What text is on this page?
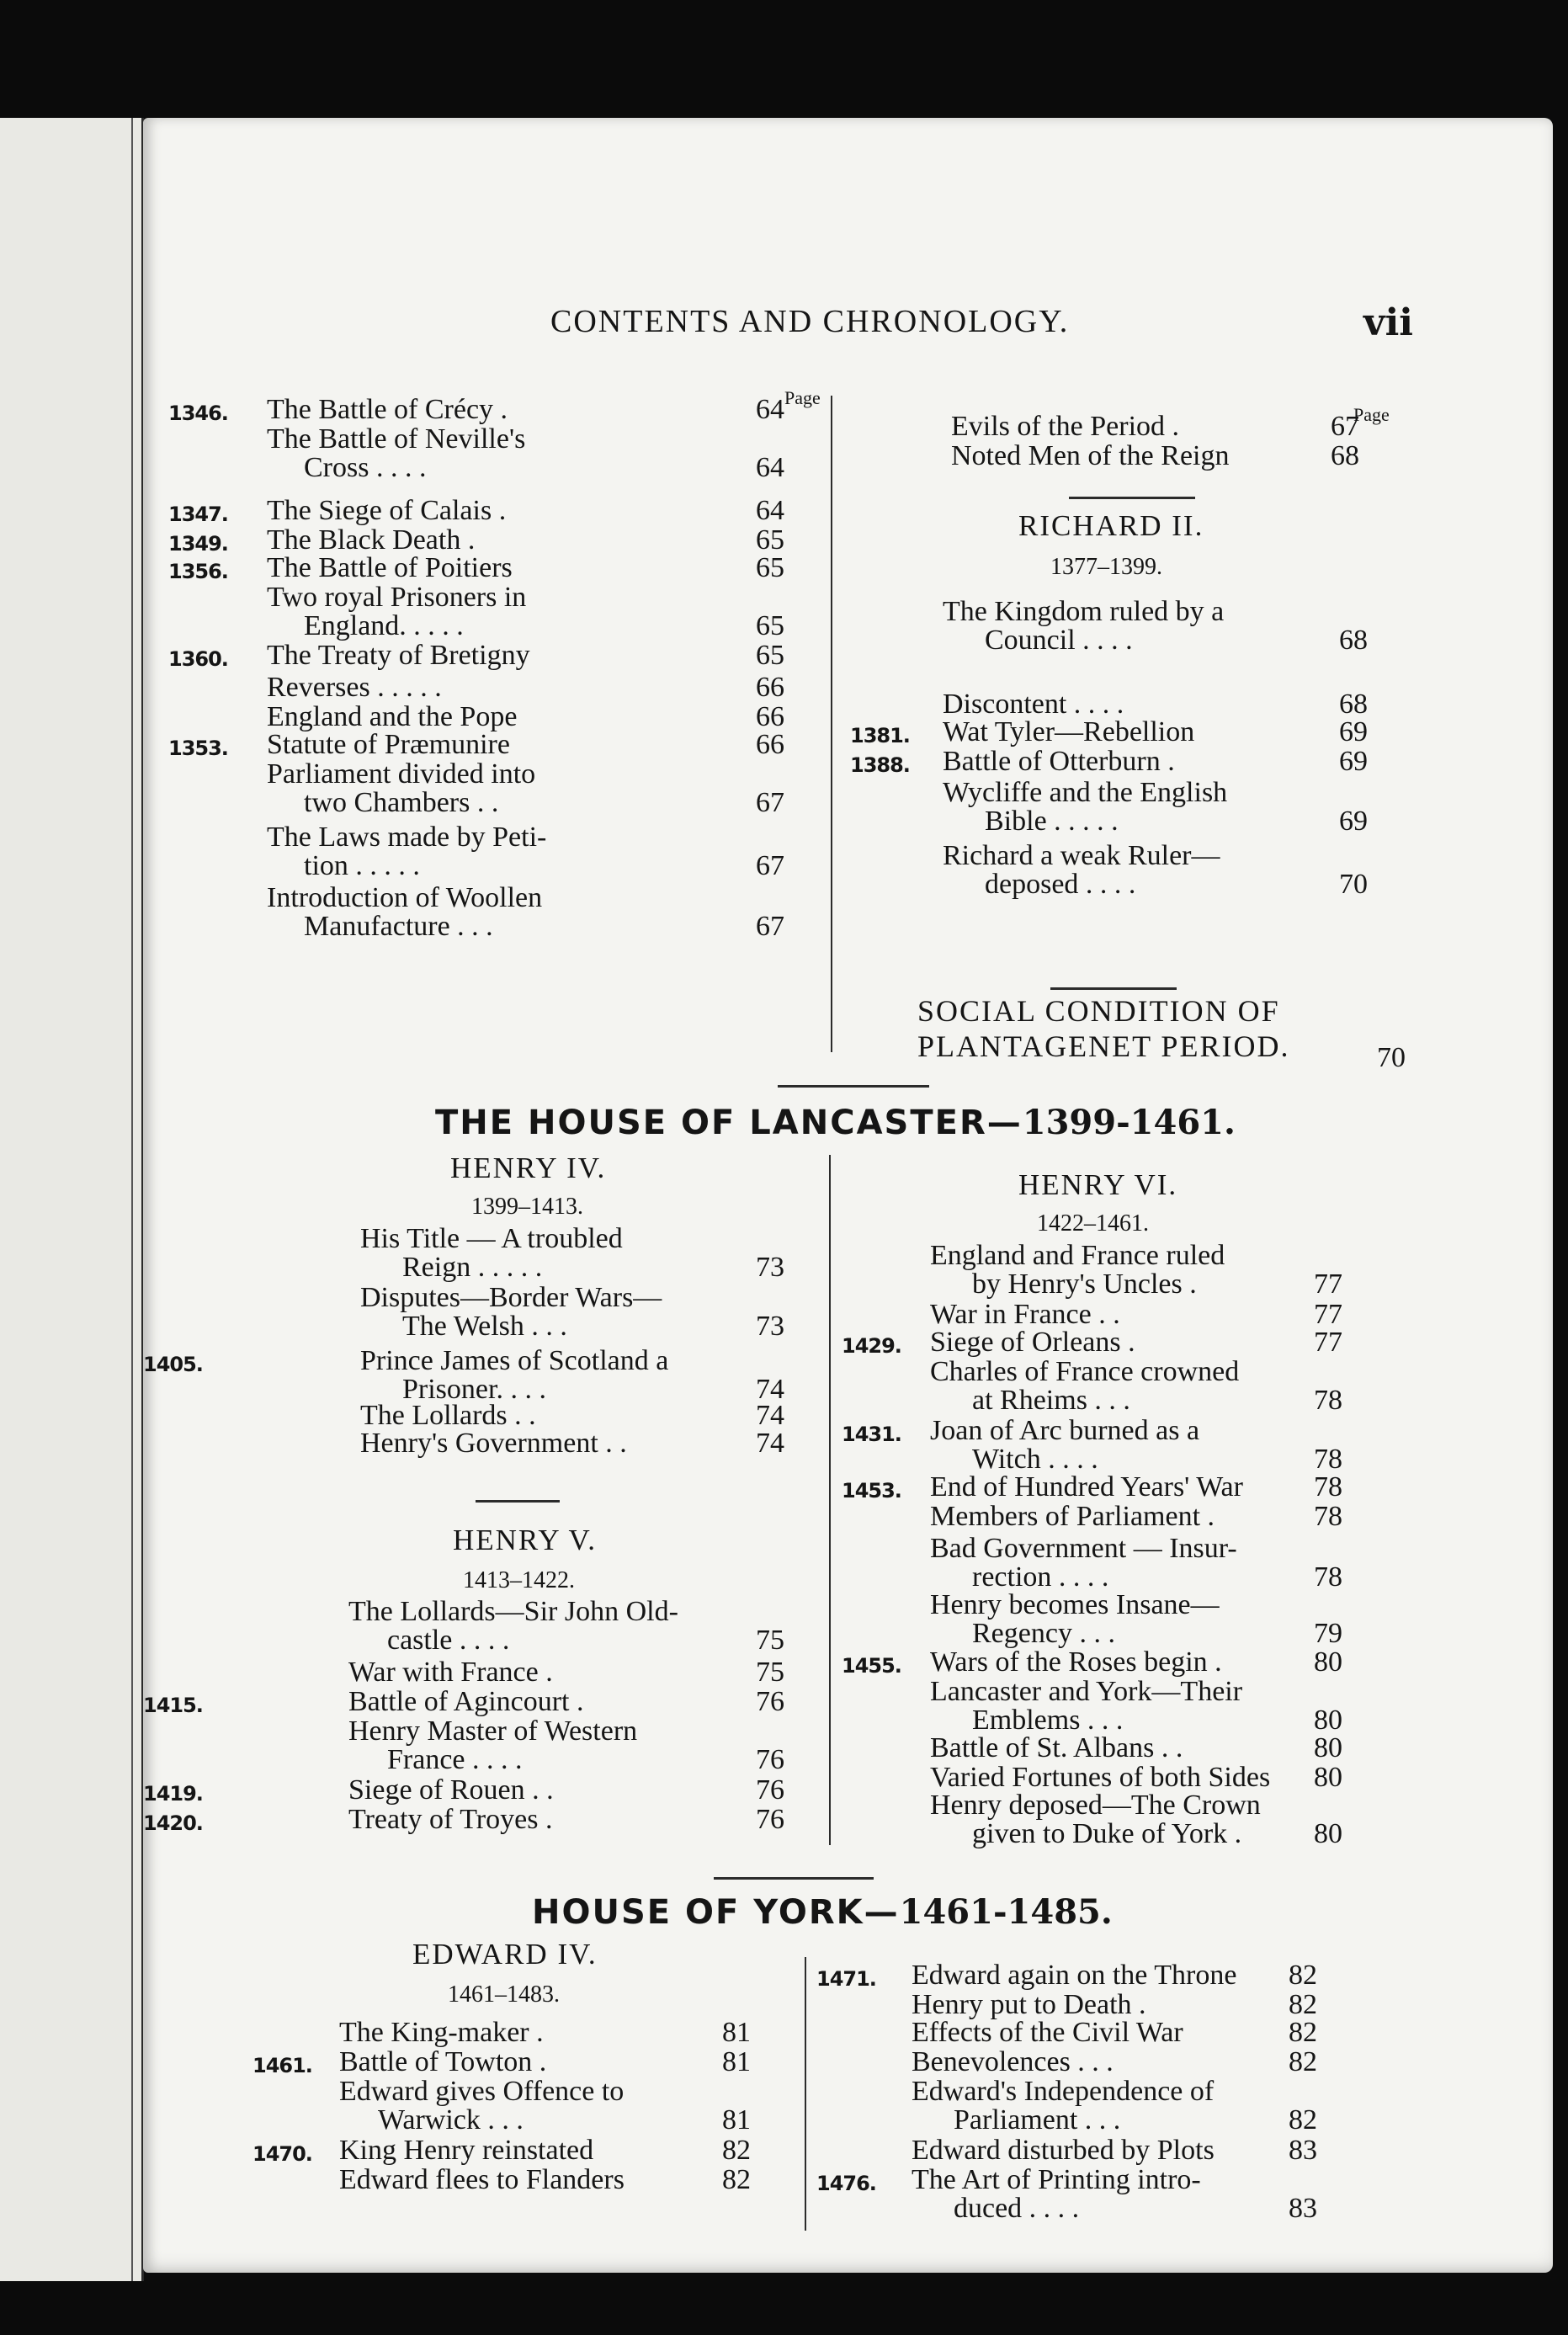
CONTENTS AND CHRONOLOGY.	vii
Page
Page
1346. The Battle of Crécy .	64
The Battle of Neville's
Cross . . . .	64
1347. The Siege of Calais .	64
1349. The Black Death .	65
1356. The Battle of Poitiers	65
Two royal Prisoners in
England. . . . .	65
1360. The Treaty of Bretigny	65
Reverses . . . . .	66
England and the Pope	66
1353. Statute of Præmunire	66
Parliament divided into
two Chambers . .	67
The Laws made by Peti-
tion . . . . .	67
Introduction of Woollen
Manufacture . . .	67
Evils of the Period .	67
Noted Men of the Reign	68
RICHARD II.
1377–1399.
The Kingdom ruled by a
Council . . . .	68
Discontent . . . .	68
1381. Wat Tyler—Rebellion	69
1388. Battle of Otterburn .	69
Wycliffe and the English
Bible . . . . .	69
Richard a weak Ruler—
deposed . . . .	70
SOCIAL CONDITION OF
PLANTAGENET PERIOD.	70
THE HOUSE OF LANCASTER—1399-1461.
HENRY IV.
1399–1413.
His Title — A troubled
Reign . . . . .	73
Disputes—Border Wars—
The Welsh . . .	73
1405.	Prince James of Scotland a
Prisoner. . . .	74
The Lollards . .	74
Henry's Government . .	74
HENRY V.
1413–1422.
The Lollards—Sir John Old-
castle . . . .	75
War with France .	75
1415.	Battle of Agincourt .	76
Henry Master of Western
France . . . .	76
1419.	Siege of Rouen . .	76
1420.	Treaty of Troyes .	76
HENRY VI.
1422–1461.
England and France ruled
by Henry's Uncles .	77
War in France . .	77
1429. Siege of Orleans .	77
Charles of France crowned
at Rheims . . .	78
1431. Joan of Arc burned as a
Witch . . . .	78
1453. End of Hundred Years' War	78
Members of Parliament .	78
Bad Government — Insur-
rection . . . .	78
Henry becomes Insane—
Regency . . .	79
1455. Wars of the Roses begin .	80
Lancaster and York—Their
Emblems . . .	80
Battle of St. Albans . .	80
Varied Fortunes of both Sides	80
Henry deposed—The Crown
given to Duke of York .	80
HOUSE OF YORK—1461-1485.
EDWARD IV.
1461–1483.
The King-maker .	81
1461. Battle of Towton .	81
Edward gives Offence to
Warwick . . .	81
1470. King Henry reinstated	82
Edward flees to Flanders	82
1471. Edward again on the Throne	82
Henry put to Death .	82
Effects of the Civil War	82
Benevolences . . .	82
Edward's Independence of
Parliament . . .	82
Edward disturbed by Plots	83
1476. The Art of Printing intro-
duced . . . .	83
